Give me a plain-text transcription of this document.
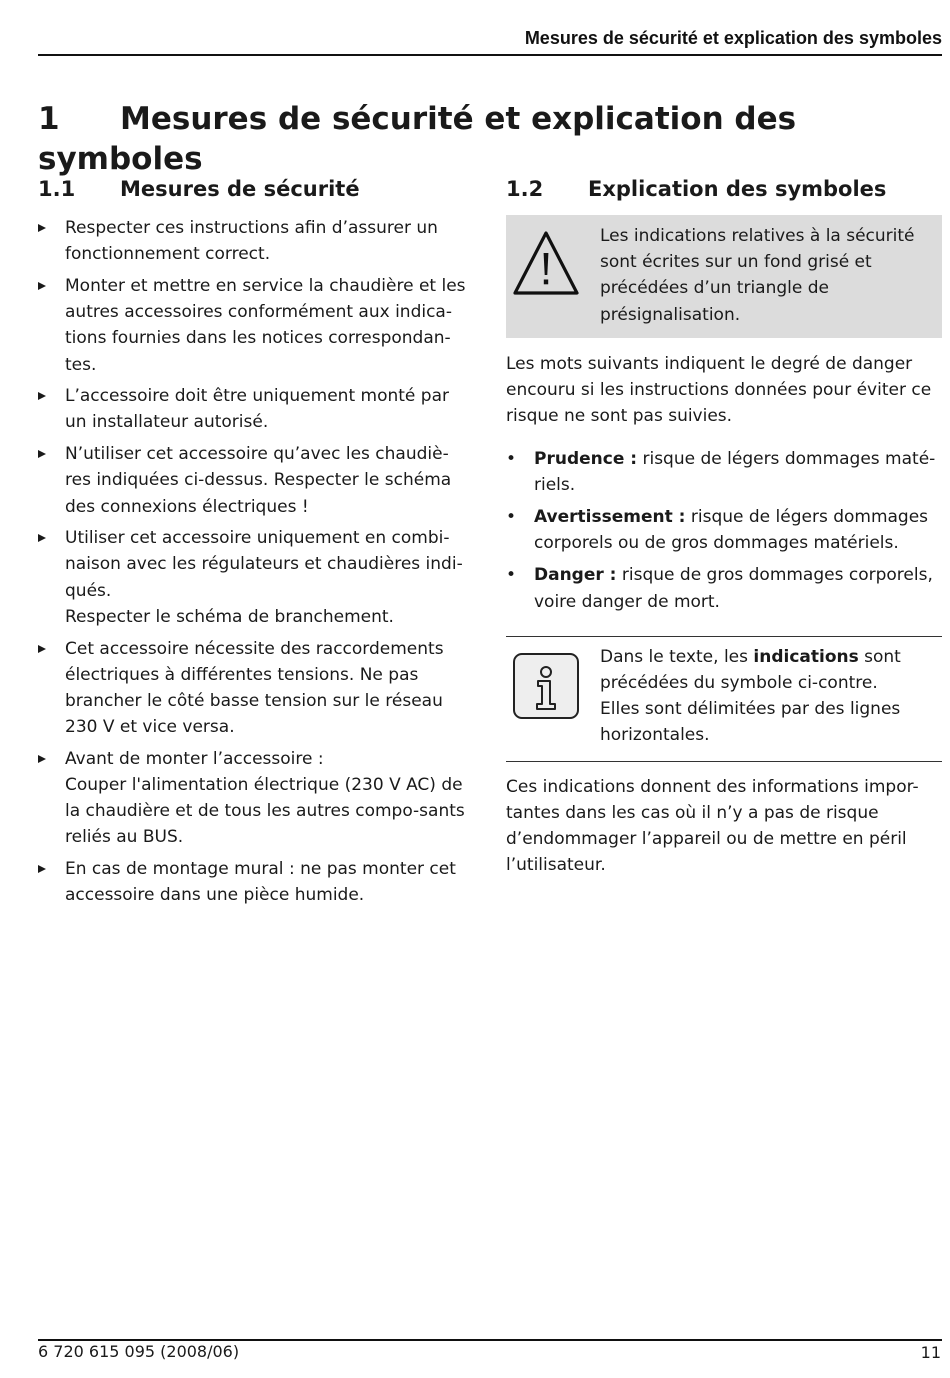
Mesures de sécurité et explication des symboles
1 Mesures de sécurité et explication des symboles
1.1 Mesures de sécurité
Respecter ces instructions afin d’assurer un fonctionnement correct.
Monter et mettre en service la chaudière et les autres accessoires conformément aux indica-tions fournies dans les notices correspondan-tes.
L’accessoire doit être uniquement monté par un installateur autorisé.
N’utiliser cet accessoire qu’avec les chaudiè-res indiquées ci-dessus. Respecter le schéma des connexions électriques !
Utiliser cet accessoire uniquement en combi-naison avec les régulateurs et chaudières indi-qués.
Respecter le schéma de branchement.
Cet accessoire nécessite des raccordements électriques à différentes tensions. Ne pas brancher le côté basse tension sur le réseau 230 V et vice versa.
Avant de monter l’accessoire :
Couper l'alimentation électrique (230 V AC) de la chaudière et de tous les autres compo-sants reliés au BUS.
En cas de montage mural : ne pas monter cet accessoire dans une pièce humide.
1.2 Explication des symboles
Les indications relatives à la sécurité sont écrites sur un fond grisé et précédées d’un triangle de présignalisation.

Les mots suivants indiquent le degré de danger encouru si les instructions données pour éviter ce risque ne sont pas suivies.

• Prudence : risque de légers dommages maté-riels.
• Avertissement : risque de légers dommages corporels ou de gros dommages matériels.
• Danger : risque de gros dommages corporels, voire danger de mort.
Dans le texte, les indications sont précédées du symbole ci-contre.
Elles sont délimitées par des lignes horizontales.

Ces indications donnent des informations impor-tantes dans les cas où il n’y a pas de risque d’endommager l’appareil ou de mettre en péril l’utilisateur.

6 720 615 095 (2008/06)	11
